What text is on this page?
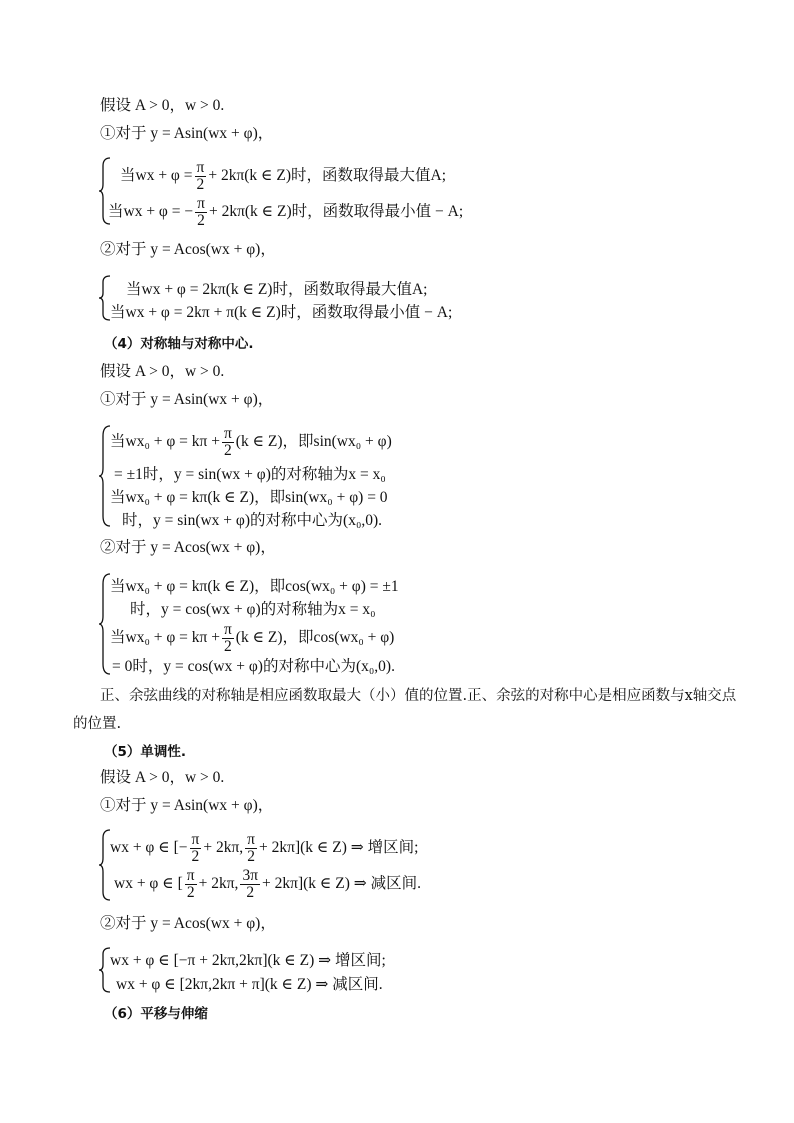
假设 A > 0，w > 0.
①对于 y = Asin(wx + φ)，
当wx + $\varphi = \frac{\pi}{2} + 2k\pi(k$ ∈ Z)时，函数取得最大值A;
当wx + φ = − $\frac{\pi}{2} + 2k\pi(k$ ∈ Z)时，函数取得最小值 − A;
②对于 y = Acos(wx + φ)，
当wx + φ = 2kπ(k ∈ Z)时，函数取得最大值A;
当wx + φ = 2kπ + π(k ∈ Z)时，函数取得最小值 − A;
（4）对称轴与对称中心.
假设 A > 0，w > 0.
①对于 y = Asin(wx + φ)，
当$wx_0 + \varphi = k\pi + \frac{\pi}{2} (k$ ∈ Z)，即sin(wx₀ + φ)
= ±1时，y = sin(wx + φ)的对称轴为x = x₀
当wx₀ + φ = kπ(k ∈ Z)，即sin(wx₀ + φ) = 0
时，y = sin(wx + φ)的对称中心为(x₀,0).
②对于 y = Acos(wx + φ)，
当wx₀ + φ = kπ(k ∈ Z)，即cos(wx₀ + φ) = ±1
时，y = cos(wx + φ)的对称轴为x = x₀
当$wx_0 + \varphi = k\pi + \frac{\pi}{2} (k$ ∈ Z)，即cos(wx₀ + φ)
= 0时，y = cos(wx + φ)的对称中心为(x₀,0).
正、余弦曲线的对称轴是相应函数取最大（小）值的位置.正、余弦的对称中心是相应函数与x轴交点
的位置.
（5）单调性.
假设 A > 0，w > 0.
①对于 y = Asin(wx + φ)，
wx + φ ∈ [− $\frac{\pi}{2} + 2k\pi$, $\frac{\pi}{2} + 2k\pi](k$ ∈ Z) ⇒ 增区间;
wx + φ ∈ [ $\frac{\pi}{2} + 2k\pi$, $\frac{3\pi}{2} + 2k\pi](k$ ∈ Z) ⇒ 减区间.
②对于 y = Acos(wx + φ)，
wx + φ ∈ [−π + 2kπ,2kπ](k ∈ Z) ⇒ 增区间;
wx + φ ∈ [2kπ,2kπ + π](k ∈ Z) ⇒ 减区间.
（6）平移与伸缩
